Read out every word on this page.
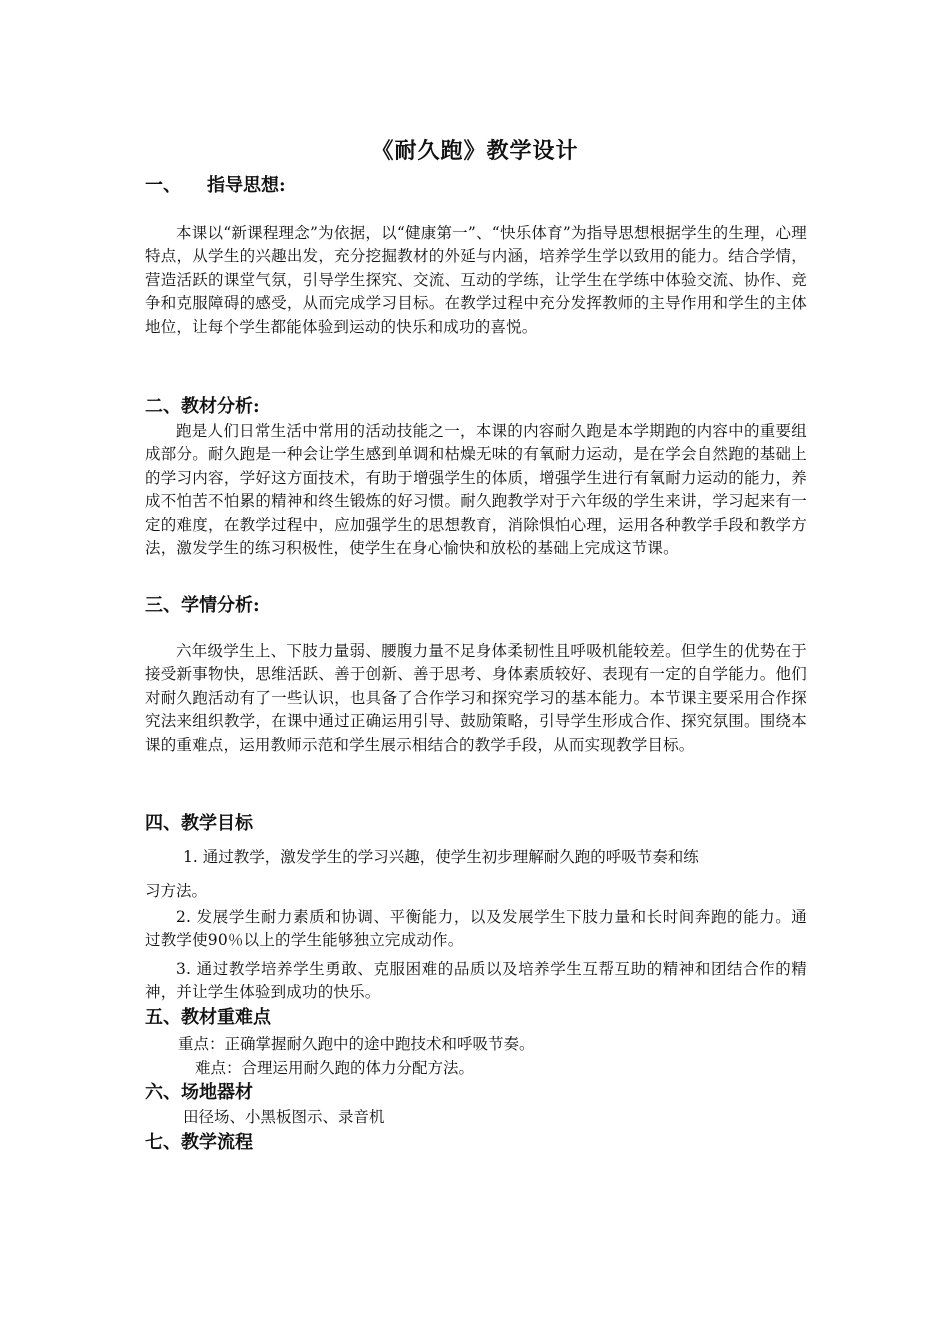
《耐久跑》教学设计
一、 指导思想:
本课以“新课程理念”为依据，以“健康第一”、“快乐体育”为指导思想根据学生的生理，心理特点，从学生的兴趣出发，充分挖掘教材的外延与内涵，培养学生学以致用的能力。结合学情，营造活跃的课堂气氛，引导学生探究、交流、互动的学练，让学生在学练中体验交流、协作、竞争和克服障碍的感受，从而完成学习目标。在教学过程中充分发挥教师的主导作用和学生的主体地位，让每个学生都能体验到运动的快乐和成功的喜悦。
二、教材分析:
跑是人们日常生活中常用的活动技能之一，本课的内容耐久跑是本学期跑的内容中的重要组成部分。耐久跑是一种会让学生感到单调和枯燥无味的有氧耐力运动，是在学会自然跑的基础上的学习内容，学好这方面技术，有助于增强学生的体质，增强学生进行有氧耐力运动的能力，养成不怕苦不怕累的精神和终生锻炼的好习惯。耐久跑教学对于六年级的学生来讲，学习起来有一定的难度，在教学过程中，应加强学生的思想教育，消除惧怕心理，运用各种教学手段和教学方法，激发学生的练习积极性，使学生在身心愉快和放松的基础上完成这节课。
三、学情分析:
六年级学生上、下肢力量弱、腰腹力量不足身体柔韧性且呼吸机能较差。但学生的优势在于接受新事物快，思维活跃、善于创新、善于思考、身体素质较好、表现有一定的自学能力。他们对耐久跑活动有了一些认识，也具备了合作学习和探究学习的基本能力。本节课主要采用合作探究法来组织教学，在课中通过正确运用引导、鼓励策略，引导学生形成合作、探究氛围。围绕本课的重难点，运用教师示范和学生展示相结合的教学手段，从而实现教学目标。
四、教学目标
1. 通过教学，激发学生的学习兴趣，使学生初步理解耐久跑的呼吸节奏和练
习方法。
2. 发展学生耐力素质和协调、平衡能力，以及发展学生下肢力量和长时间奔跑的能力。通过教学使90％以上的学生能够独立完成动作。
3. 通过教学培养学生勇敢、克服困难的品质以及培养学生互帮互助的精神和团结合作的精神，并让学生体验到成功的快乐。
五、教材重难点
重点：正确掌握耐久跑中的途中跑技术和呼吸节奏。
难点：合理运用耐久跑的体力分配方法。
六、场地器材
田径场、小黑板图示、录音机
七、教学流程
